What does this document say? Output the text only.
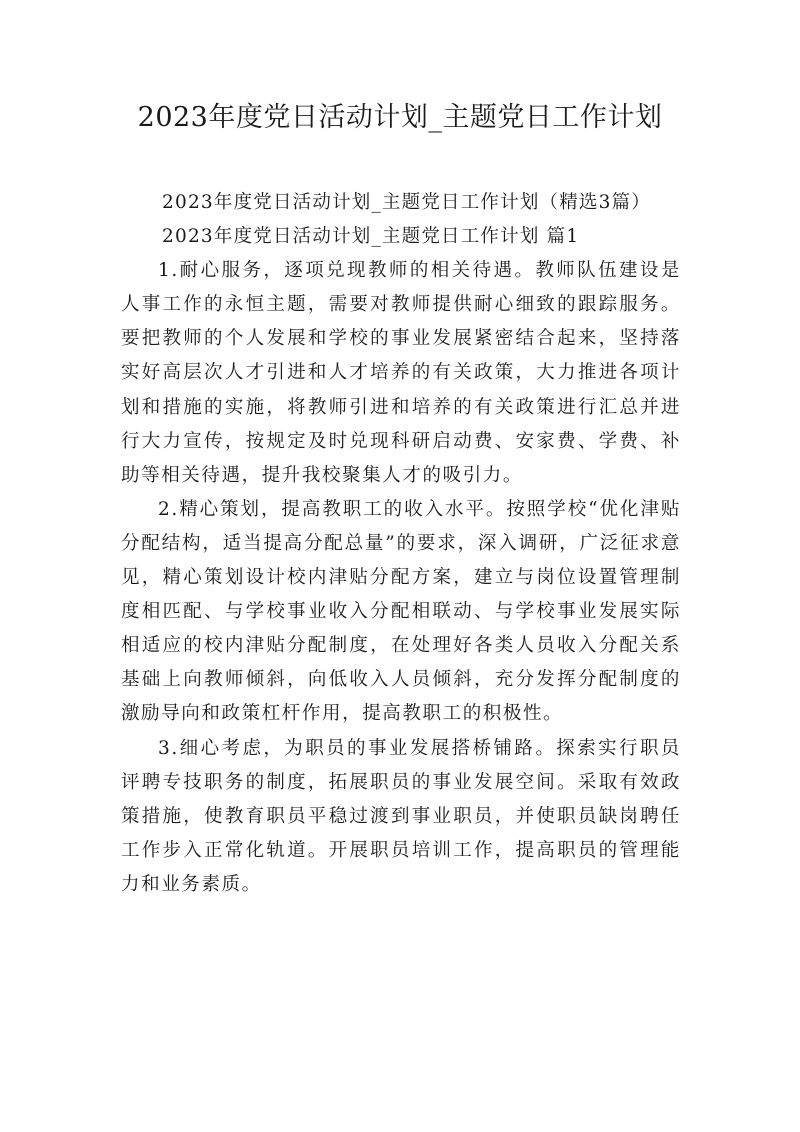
2023年度党日活动计划_主题党日工作计划

2023年度党日活动计划_主题党日工作计划（精选3篇）

2023年度党日活动计划_主题党日工作计划 篇1

1.耐心服务，逐项兑现教师的相关待遇。教师队伍建设是人事工作的永恒主题，需要对教师提供耐心细致的跟踪服务。要把教师的个人发展和学校的事业发展紧密结合起来，坚持落实好高层次人才引进和人才培养的有关政策，大力推进各项计划和措施的实施，将教师引进和培养的有关政策进行汇总并进行大力宣传，按规定及时兑现科研启动费、安家费、学费、补助等相关待遇，提升我校聚集人才的吸引力。

2.精心策划，提高教职工的收入水平。按照学校“优化津贴分配结构，适当提高分配总量”的要求，深入调研，广泛征求意见，精心策划设计校内津贴分配方案，建立与岗位设置管理制度相匹配、与学校事业收入分配相联动、与学校事业发展实际相适应的校内津贴分配制度，在处理好各类人员收入分配关系基础上向教师倾斜，向低收入人员倾斜，充分发挥分配制度的激励导向和政策杠杆作用，提高教职工的积极性。

3.细心考虑，为职员的事业发展搭桥铺路。探索实行职员评聘专技职务的制度，拓展职员的事业发展空间。采取有效政策措施，使教育职员平稳过渡到事业职员，并使职员缺岗聘任工作步入正常化轨道。开展职员培训工作，提高职员的管理能力和业务素质。
